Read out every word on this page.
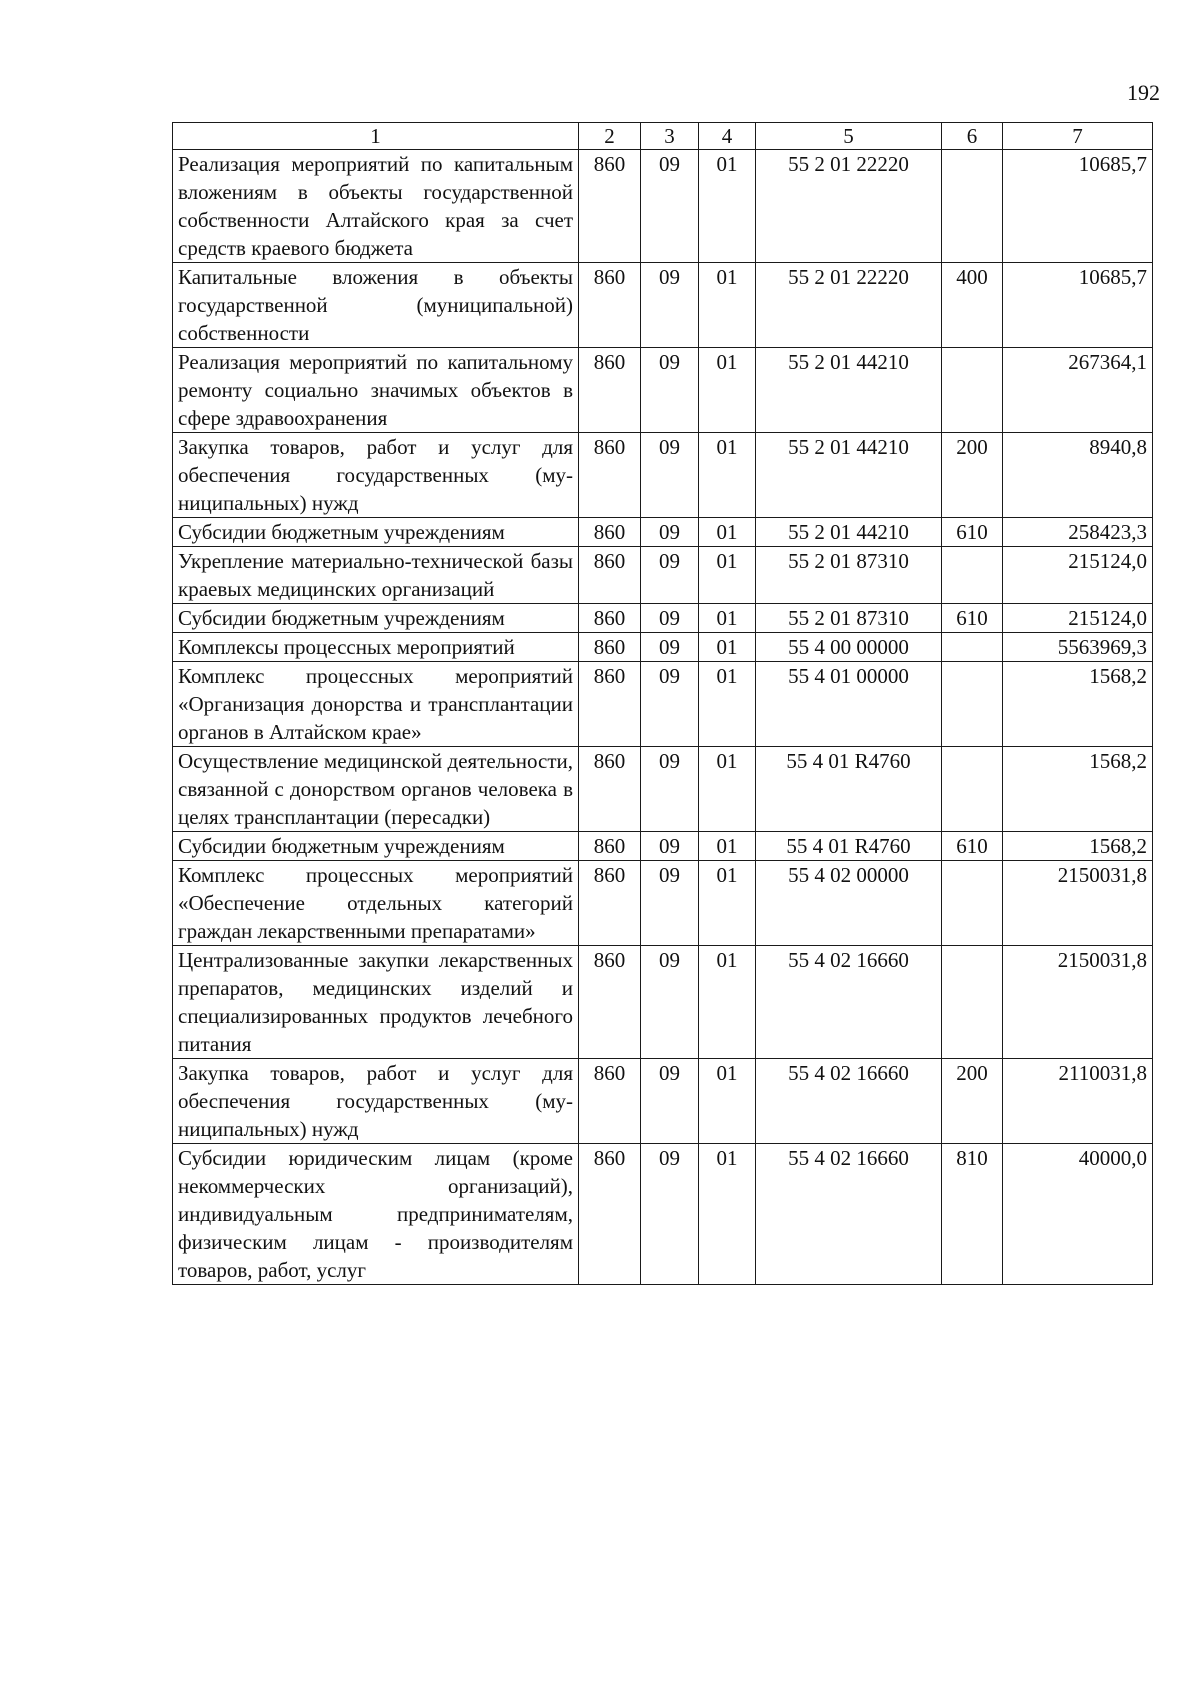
192
1	2	3	4	5	6	7
Реализация мероприятий по капитальным вложениям в объекты государственной собственности Алтайского края за счет средств краевого бюджета	860	09	01	55 2 01 22220		10685,7
Капитальные вложения в объекты государственной (муниципальной) собственности	860	09	01	55 2 01 22220	400	10685,7
Реализация мероприятий по капитальному ремонту социально значимых объектов в сфере здравоохранения	860	09	01	55 2 01 44210		267364,1
Закупка товаров, работ и услуг для обеспечения государственных (муниципальных) нужд	860	09	01	55 2 01 44210	200	8940,8
Субсидии бюджетным учреждениям	860	09	01	55 2 01 44210	610	258423,3
Укрепление материально-технической базы краевых медицинских организаций	860	09	01	55 2 01 87310		215124,0
Субсидии бюджетным учреждениям	860	09	01	55 2 01 87310	610	215124,0
Комплексы процессных мероприятий	860	09	01	55 4 00 00000		5563969,3
Комплекс процессных мероприятий «Организация донорства и трансплантации органов в Алтайском крае»	860	09	01	55 4 01 00000		1568,2
Осуществление медицинской деятельности, связанной с донорством органов человека в целях трансплантации (пересадки)	860	09	01	55 4 01 R4760		1568,2
Субсидии бюджетным учреждениям	860	09	01	55 4 01 R4760	610	1568,2
Комплекс процессных мероприятий «Обеспечение отдельных категорий граждан лекарственными препаратами»	860	09	01	55 4 02 00000		2150031,8
Централизованные закупки лекарственных препаратов, медицинских изделий и специализированных продуктов лечебного питания	860	09	01	55 4 02 16660		2150031,8
Закупка товаров, работ и услуг для обеспечения государственных (муниципальных) нужд	860	09	01	55 4 02 16660	200	2110031,8
Субсидии юридическим лицам (кроме некоммерческих организаций), индивидуальным предпринимателям, физическим лицам - производителям товаров, работ, услуг	860	09	01	55 4 02 16660	810	40000,0
